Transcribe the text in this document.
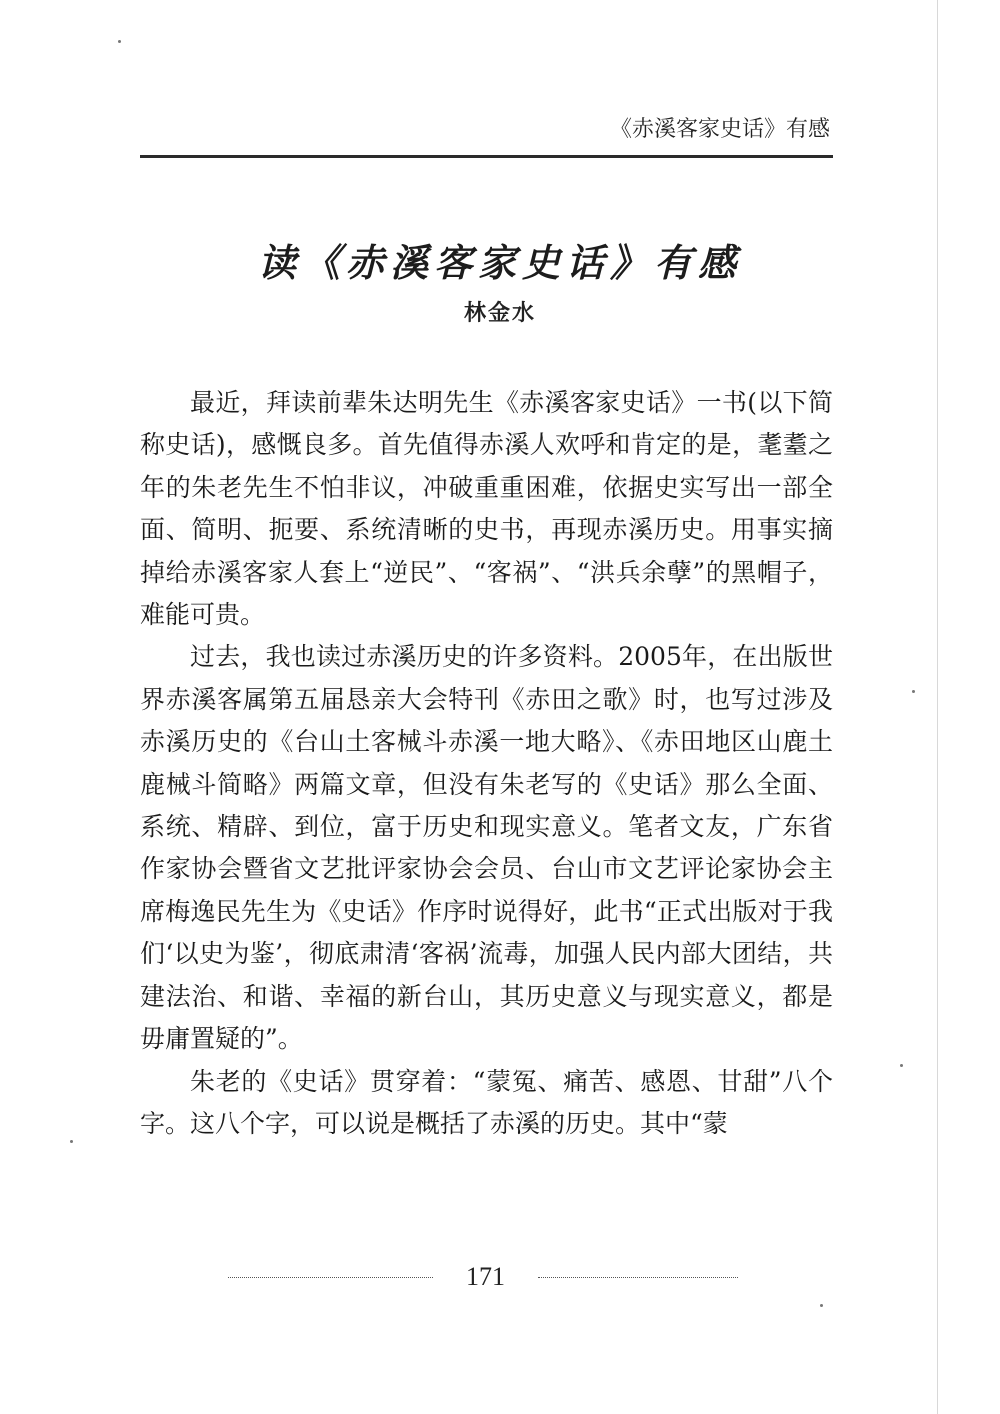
《赤溪客家史话》有感
读《赤溪客家史话》有感
林金水

最近，拜读前辈朱达明先生《赤溪客家史话》一书(以下简称史话)，感慨良多。首先值得赤溪人欢呼和肯定的是，耄耋之年的朱老先生不怕非议，冲破重重困难，依据史实写出一部全面、简明、扼要、系统清晰的史书，再现赤溪历史。用事实摘掉给赤溪客家人套上“逆民”、“客祸”、“洪兵余孽”的黑帽子，难能可贵。

过去，我也读过赤溪历史的许多资料。2005年，在出版世界赤溪客属第五届恳亲大会特刊《赤田之歌》时，也写过涉及赤溪历史的《台山土客械斗赤溪一地大略》、《赤田地区山鹿土鹿械斗简略》两篇文章，但没有朱老写的《史话》那么全面、系统、精辟、到位，富于历史和现实意义。笔者文友，广东省作家协会暨省文艺批评家协会会员、台山市文艺评论家协会主席梅逸民先生为《史话》作序时说得好，此书“正式出版对于我们‘以史为鉴’，彻底肃清‘客祸’流毒，加强人民内部大团结，共建法治、和谐、幸福的新台山，其历史意义与现实意义，都是毋庸置疑的”。

朱老的《史话》贯穿着：“蒙冤、痛苦、感恩、甘甜”八个字。这八个字，可以说是概括了赤溪的历史。其中“蒙

171
